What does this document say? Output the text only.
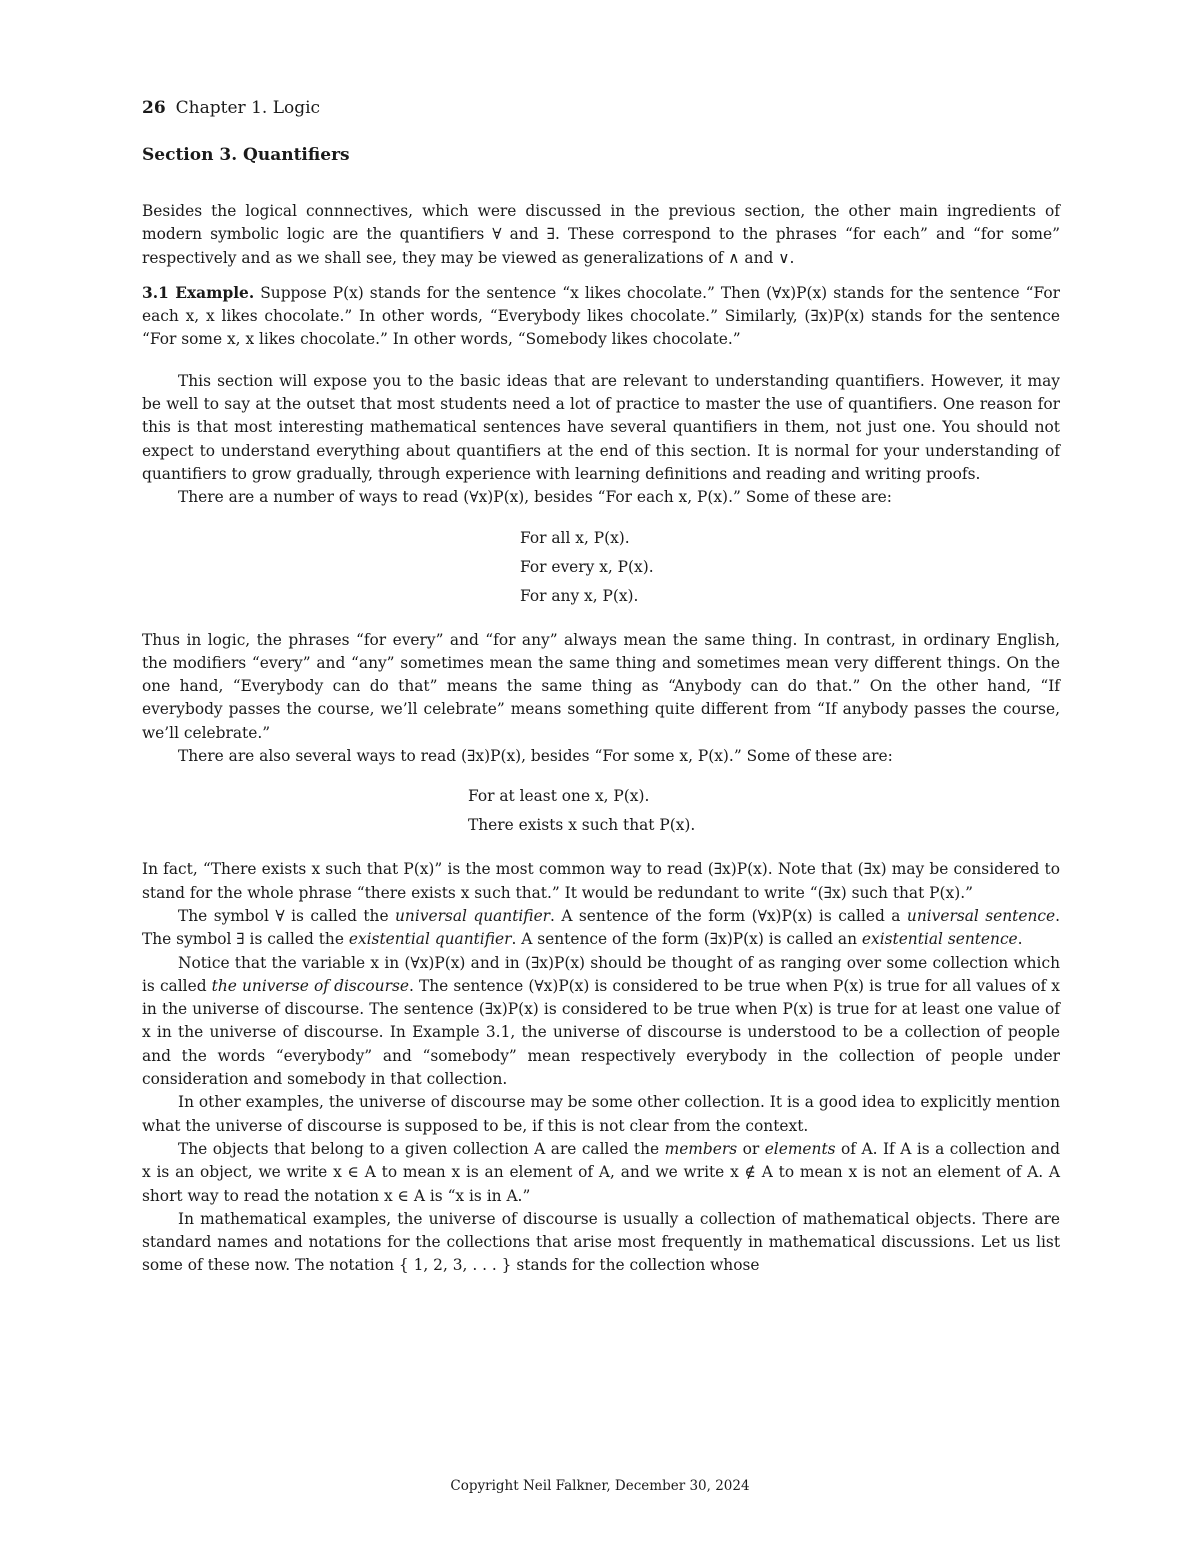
26 Chapter 1. Logic
Section 3. Quantifiers

Besides the logical connnectives, which were discussed in the previous section, the other main ingredients of modern symbolic logic are the quantifiers ∀ and ∃. These correspond to the phrases “for each” and “for some” respectively and as we shall see, they may be viewed as generalizations of ∧ and ∨.

3.1 Example. Suppose P(x) stands for the sentence “x likes chocolate.” Then (∀x)P(x) stands for the sentence “For each x, x likes chocolate.” In other words, “Everybody likes chocolate.” Similarly, (∃x)P(x) stands for the sentence “For some x, x likes chocolate.” In other words, “Somebody likes chocolate.”

This section will expose you to the basic ideas that are relevant to understanding quantifiers. However, it may be well to say at the outset that most students need a lot of practice to master the use of quantifiers. One reason for this is that most interesting mathematical sentences have several quantifiers in them, not just one. You should not expect to understand everything about quantifiers at the end of this section. It is normal for your understanding of quantifiers to grow gradually, through experience with learning definitions and reading and writing proofs.

There are a number of ways to read (∀x)P(x), besides “For each x, P(x).” Some of these are:

For all x, P(x).

For every x, P(x).

For any x, P(x).

Thus in logic, the phrases “for every” and “for any” always mean the same thing. In contrast, in ordinary English, the modifiers “every” and “any” sometimes mean the same thing and sometimes mean very different things. On the one hand, “Everybody can do that” means the same thing as “Anybody can do that.” On the other hand, “If everybody passes the course, we’ll celebrate” means something quite different from “If anybody passes the course, we’ll celebrate.”

There are also several ways to read (∃x)P(x), besides “For some x, P(x).” Some of these are:

For at least one x, P(x).

There exists x such that P(x).

In fact, “There exists x such that P(x)” is the most common way to read (∃x)P(x). Note that (∃x) may be considered to stand for the whole phrase “there exists x such that.” It would be redundant to write “(∃x) such that P(x).”

The symbol ∀ is called the universal quantifier. A sentence of the form (∀x)P(x) is called a universal sentence. The symbol ∃ is called the existential quantifier. A sentence of the form (∃x)P(x) is called an existential sentence.

Notice that the variable x in (∀x)P(x) and in (∃x)P(x) should be thought of as ranging over some collection which is called the universe of discourse. The sentence (∀x)P(x) is considered to be true when P(x) is true for all values of x in the universe of discourse. The sentence (∃x)P(x) is considered to be true when P(x) is true for at least one value of x in the universe of discourse. In Example 3.1, the universe of discourse is understood to be a collection of people and the words “everybody” and “somebody” mean respectively everybody in the collection of people under consideration and somebody in that collection.

In other examples, the universe of discourse may be some other collection. It is a good idea to explicitly mention what the universe of discourse is supposed to be, if this is not clear from the context.

The objects that belong to a given collection A are called the members or elements of A. If A is a collection and x is an object, we write x ∈ A to mean x is an element of A, and we write x ∉ A to mean x is not an element of A. A short way to read the notation x ∈ A is “x is in A.”

In mathematical examples, the universe of discourse is usually a collection of mathematical objects. There are standard names and notations for the collections that arise most frequently in mathematical discussions. Let us list some of these now. The notation { 1, 2, 3, . . . } stands for the collection whose

Copyright Neil Falkner, December 30, 2024
